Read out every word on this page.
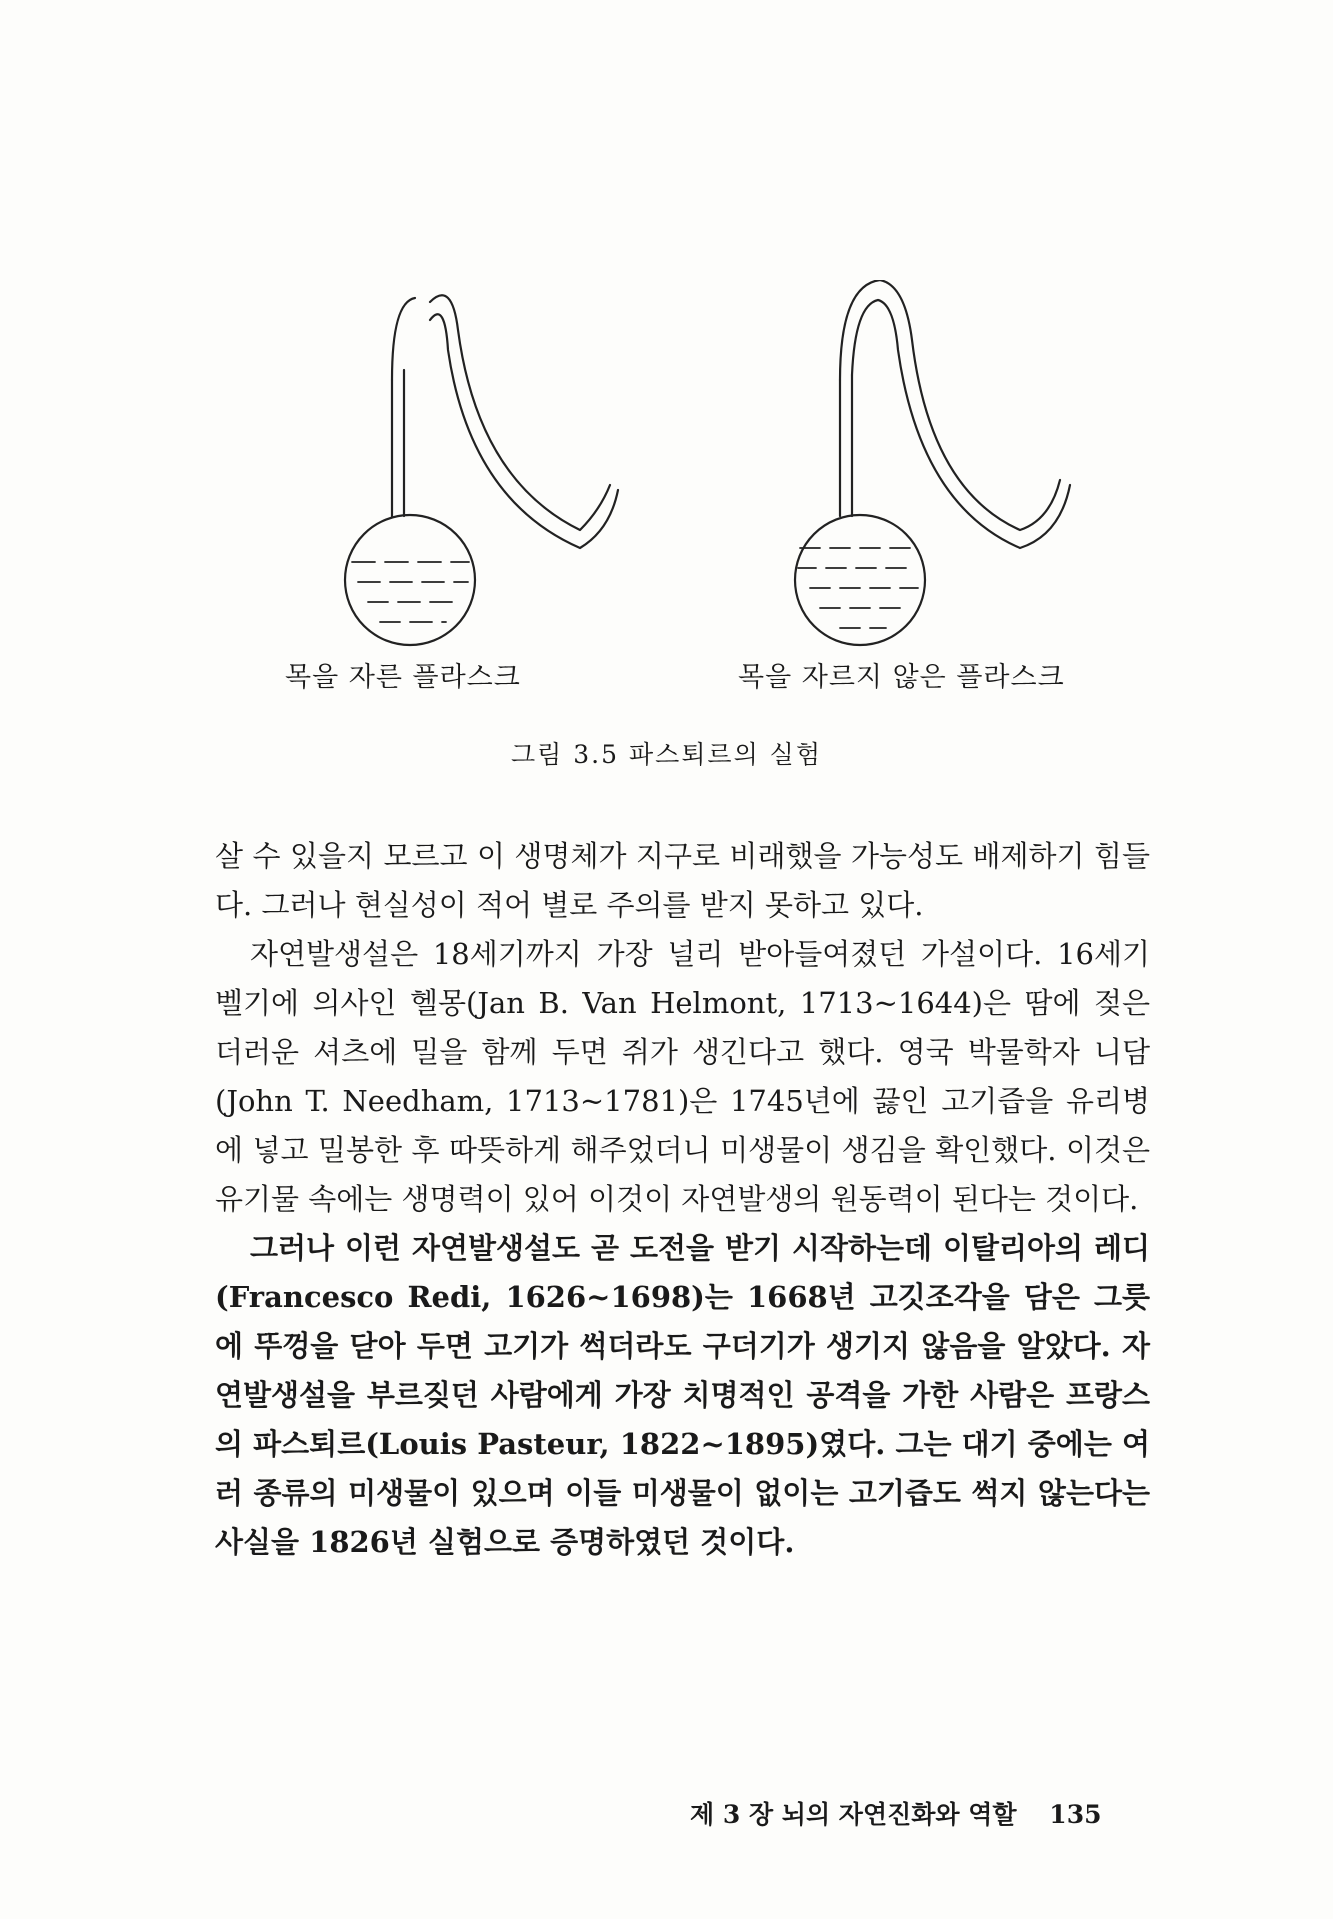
목을 자른 플라스크	목을 자르지 않은 플라스크
그림 3.5 파스퇴르의 실험

살 수 있을지 모르고 이 생명체가 지구로 비래했을 가능성도 배제하기 힘들다. 그러나 현실성이 적어 별로 주의를 받지 못하고 있다.

자연발생설은 18세기까지 가장 널리 받아들여졌던 가설이다. 16세기 벨기에 의사인 헬몽(Jan B. Van Helmont, 1713~1644)은 땀에 젖은 더러운 셔츠에 밀을 함께 두면 쥐가 생긴다고 했다. 영국 박물학자 니담(John T. Needham, 1713~1781)은 1745년에 끓인 고기즙을 유리병에 넣고 밀봉한 후 따뜻하게 해주었더니 미생물이 생김을 확인했다. 이것은 유기물 속에는 생명력이 있어 이것이 자연발생의 원동력이 된다는 것이다.

그러나 이런 자연발생설도 곧 도전을 받기 시작하는데 이탈리아의 레디(Francesco Redi, 1626~1698)는 1668년 고깃조각을 담은 그릇에 뚜껑을 닫아 두면 고기가 썩더라도 구더기가 생기지 않음을 알았다. 자연발생설을 부르짖던 사람에게 가장 치명적인 공격을 가한 사람은 프랑스의 파스퇴르(Louis Pasteur, 1822~1895)였다. 그는 대기 중에는 여러 종류의 미생물이 있으며 이들 미생물이 없이는 고기즙도 썩지 않는다는 사실을 1826년 실험으로 증명하였던 것이다.

제 3 장 뇌의 자연진화와 역할 135
